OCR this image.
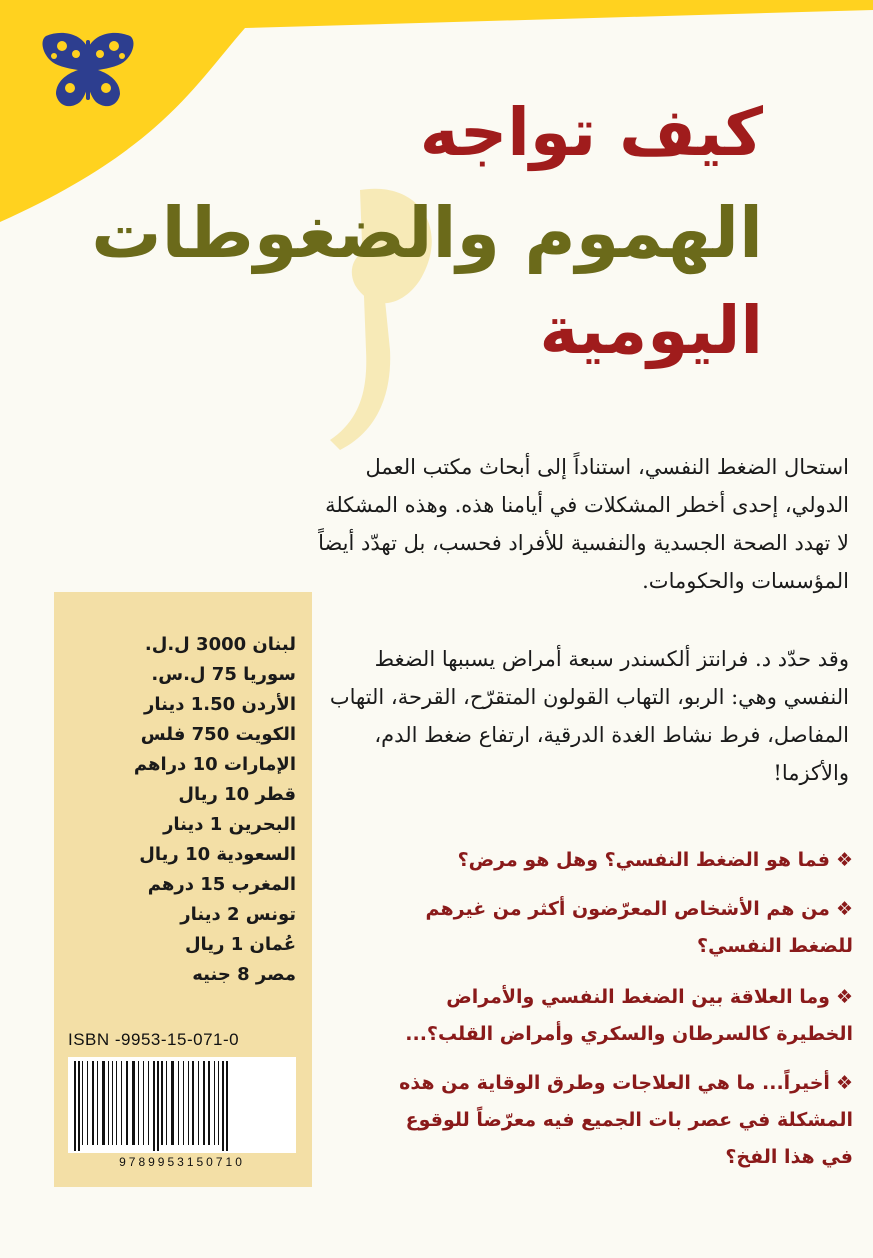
كيف تواجه
الهموم والضغوطات
اليومية

استحال الضغط النفسي، استناداً إلى أبحاث مكتب العمل الدولي، إحدى أخطر المشكلات في أيامنا هذه. وهذه المشكلة لا تهدد الصحة الجسدية والنفسية للأفراد فحسب، بل تهدّد أيضاً المؤسسات والحكومات.

وقد حدّد د. فرانتز ألكسندر سبعة أمراض يسببها الضغط النفسي وهي: الربو، التهاب القولون المتقرّح، القرحة، التهاب المفاصل، فرط نشاط الغدة الدرقية، ارتفاع ضغط الدم، والأكزما!

❖فما هو الضغط النفسي؟ وهل هو مرض؟
❖من هم الأشخاص المعرّضون أكثر من غيرهم للضغط النفسي؟
❖وما العلاقة بين الضغط النفسي والأمراض الخطيرة كالسرطان والسكري وأمراض القلب؟...
❖أخيراً... ما هي العلاجات وطرق الوقاية من هذه المشكلة في عصر بات الجميع فيه معرّضاً للوقوع في هذا الفخ؟
لبنان 3000 ل.ل.
سوريا 75 ل.س.
الأردن 1.50 دينار
الكويت 750 فلس
الإمارات 10 دراهم
قطر 10 ريال
البحرين 1 دينار
السعودية 10 ريال
المغرب 15 درهم
تونس 2 دينار
عُمان 1 ريال
مصر 8 جنيه
ISBN -9953-15-071-0
9789953150710
